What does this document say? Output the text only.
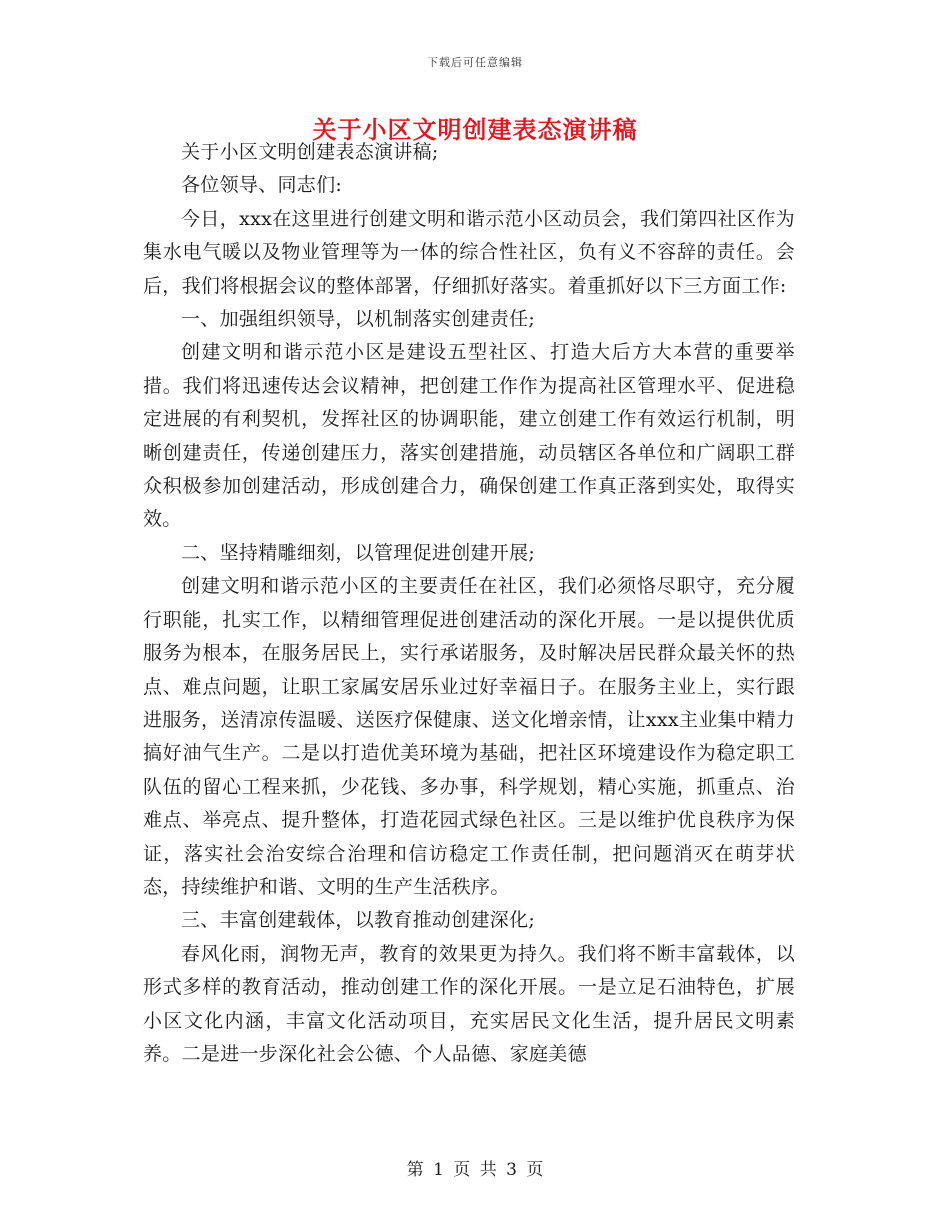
下载后可任意编辑
关于小区文明创建表态演讲稿

关于小区文明创建表态演讲稿;

各位领导、同志们:

今日，xxx在这里进行创建文明和谐示范小区动员会，我们第四社区作为集水电气暖以及物业管理等为一体的综合性社区，负有义不容辞的责任。会后，我们将根据会议的整体部署，仔细抓好落实。着重抓好以下三方面工作:

一、加强组织领导，以机制落实创建责任;

创建文明和谐示范小区是建设五型社区、打造大后方大本营的重要举措。我们将迅速传达会议精神，把创建工作作为提高社区管理水平、促进稳定进展的有利契机，发挥社区的协调职能，建立创建工作有效运行机制，明晰创建责任，传递创建压力，落实创建措施，动员辖区各单位和广阔职工群众积极参加创建活动，形成创建合力，确保创建工作真正落到实处，取得实效。

二、坚持精雕细刻，以管理促进创建开展;

创建文明和谐示范小区的主要责任在社区，我们必须恪尽职守，充分履行职能，扎实工作，以精细管理促进创建活动的深化开展。一是以提供优质服务为根本，在服务居民上，实行承诺服务，及时解决居民群众最关怀的热点、难点问题，让职工家属安居乐业过好幸福日子。在服务主业上，实行跟进服务，送清凉传温暖、送医疗保健康、送文化增亲情，让xxx主业集中精力搞好油气生产。二是以打造优美环境为基础，把社区环境建设作为稳定职工队伍的留心工程来抓，少花钱、多办事，科学规划，精心实施，抓重点、治难点、举亮点、提升整体，打造花园式绿色社区。三是以维护优良秩序为保证，落实社会治安综合治理和信访稳定工作责任制，把问题消灭在萌芽状态，持续维护和谐、文明的生产生活秩序。

三、丰富创建载体，以教育推动创建深化;

春风化雨，润物无声，教育的效果更为持久。我们将不断丰富载体，以形式多样的教育活动，推动创建工作的深化开展。一是立足石油特色，扩展小区文化内涵，丰富文化活动项目，充实居民文化生活，提升居民文明素养。二是进一步深化社会公德、个人品德、家庭美德

第 1 页 共 3 页
